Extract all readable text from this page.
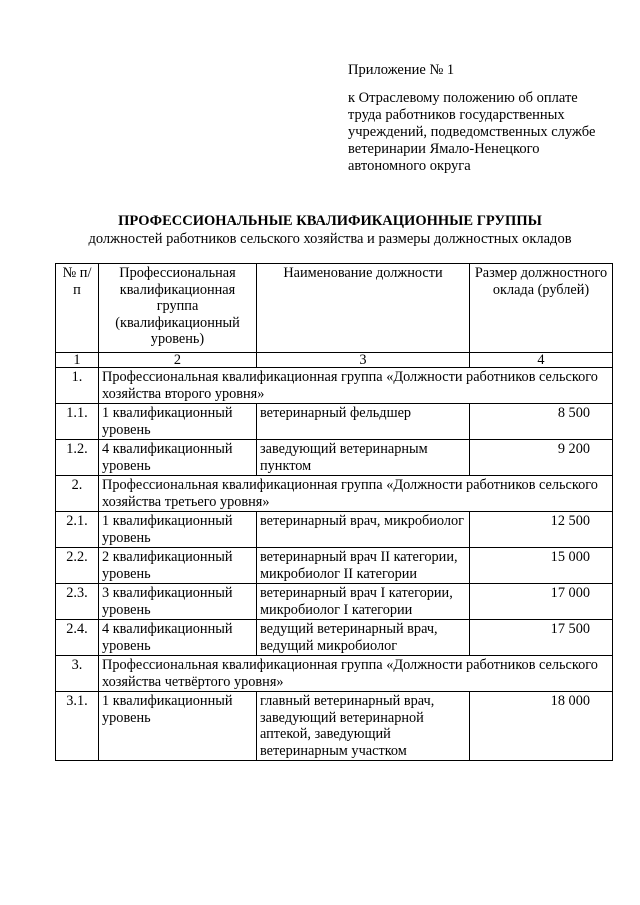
Приложение № 1
к Отраслевому положению об оплате
труда работников государственных
учреждений, подведомственных службе
ветеринарии Ямало-Ненецкого
автономного округа
ПРОФЕССИОНАЛЬНЫЕ КВАЛИФИКАЦИОННЫЕ ГРУППЫ
должностей работников сельского хозяйства и размеры должностных окладов
№ п/п	Профессиональная квалификационная группа (квалификационный уровень)	Наименование должности	Размер должностного оклада (рублей)
1	2	3	4
1.	Профессиональная квалификационная группа «Должности работников сельского хозяйства второго уровня»		
1.1.	1 квалификационный уровень	ветеринарный фельдшер	8 500
1.2.	4 квалификационный уровень	заведующий ветеринарным пунктом	9 200
2.	Профессиональная квалификационная группа «Должности работников сельского хозяйства третьего уровня»		
2.1.	1 квалификационный уровень	ветеринарный врач, микробиолог	12 500
2.2.	2 квалификационный уровень	ветеринарный врач II категории, микробиолог II категории	15 000
2.3.	3 квалификационный уровень	ветеринарный врач I категории, микробиолог I категории	17 000
2.4.	4 квалификационный уровень	ведущий ветеринарный врач, ведущий микробиолог	17 500
3.	Профессиональная квалификационная группа «Должности работников сельского хозяйства четвёртого уровня»		
3.1.	1 квалификационный уровень	главный ветеринарный врач, заведующий ветеринарной аптекой, заведующий ветеринарным участком	18 000
